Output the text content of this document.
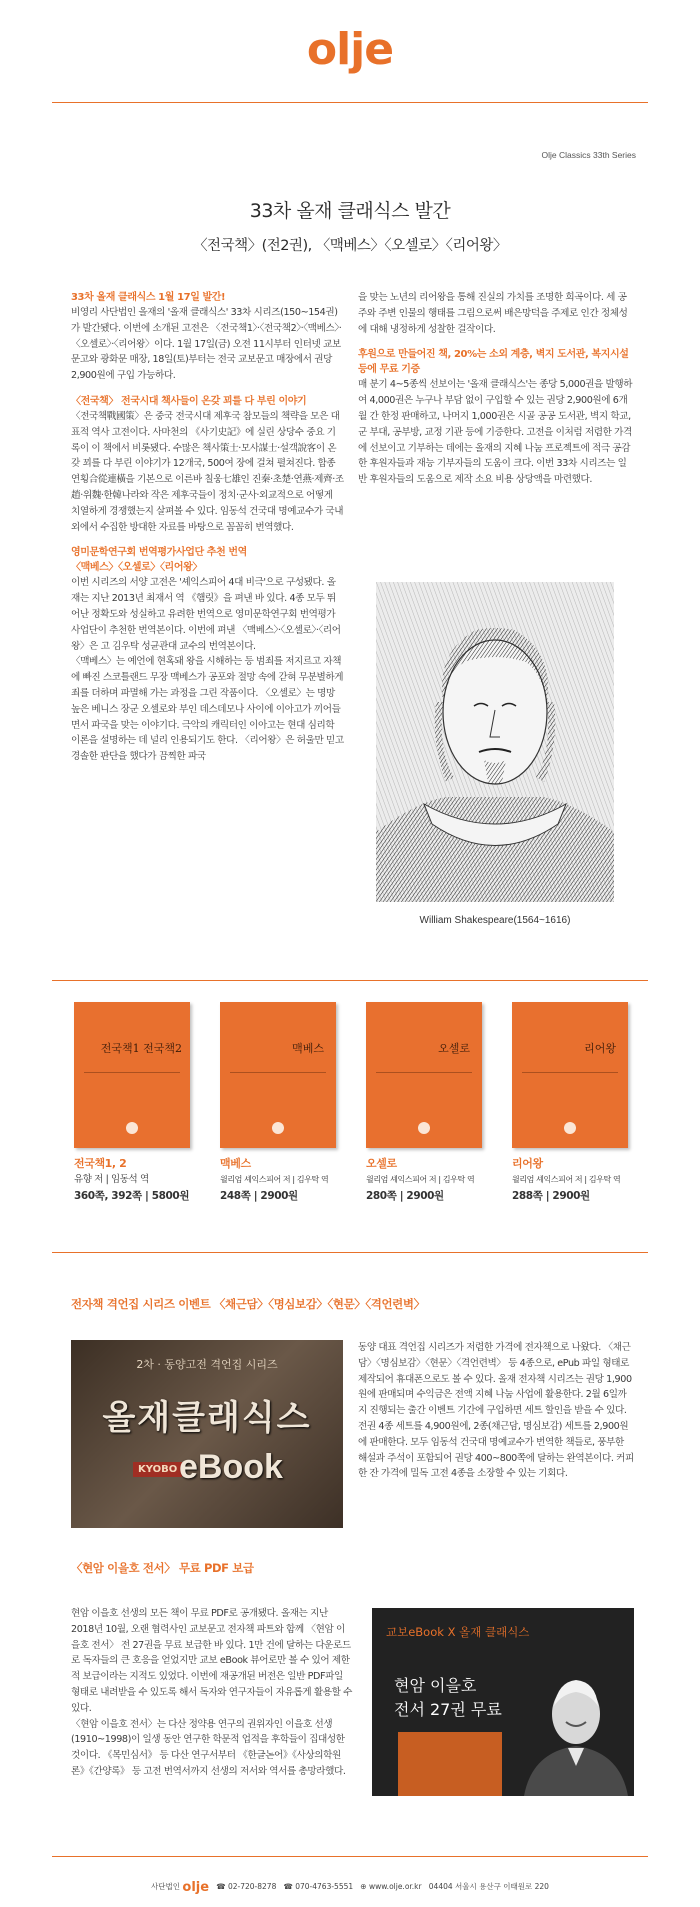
olje
Olje Classics 33th Series
33차 올재 클래식스 발간
〈전국책〉(전2권), 〈맥베스〉〈오셀로〉〈리어왕〉
33차 올재 클래식스 1월 17일 발간!
비영리 사단법인 올재의 '올재 클래식스' 33차 시리즈(150~154권)가 발간됐다. 이번에 소개된 고전은 〈전국책1〉·〈전국책2〉·〈맥베스〉·〈오셀로〉·〈리어왕〉이다. 1월 17일(금) 오전 11시부터 인터넷 교보문고와 광화문 매장, 18일(토)부터는 전국 교보문고 매장에서 권당 2,900원에 구입 가능하다.
〈전국책〉 전국시대 책사들이 온갖 꾀를 다 부린 이야기
〈전국책戰國策〉은 중국 전국시대 제후국 참모들의 책략을 모은 대표적 역사 고전이다. 사마천의 《사기史記》에 실린 상당수 중요 기록이 이 책에서 비롯됐다. 수많은 책사策士·모사謀士·설객說客이 온갖 꾀를 다 부린 이야기가 12개국, 500여 장에 걸쳐 펼쳐진다. 합종연횡合從連橫을 기본으로 이른바 칠웅七雄인 진秦·초楚·연燕·제齊·조趙·위魏·한韓나라와 작은 제후국들이 정치·군사·외교적으로 어떻게 치열하게 경쟁했는지 살펴볼 수 있다. 임동석 건국대 명예교수가 국내외에서 수집한 방대한 자료를 바탕으로 꼼꼼히 번역했다.
영미문학연구회 번역평가사업단 추천 번역
〈맥베스〉〈오셀로〉〈리어왕〉
이번 시리즈의 서양 고전은 '셰익스피어 4대 비극'으로 구성됐다. 올재는 지난 2013년 최재서 역 《햄릿》을 펴낸 바 있다. 4종 모두 뛰어난 정확도와 성실하고 유려한 번역으로 영미문학연구회 번역평가사업단이 추천한 번역본이다. 이번에 펴낸 〈맥베스〉·〈오셀로〉·〈리어왕〉은 고 김우탁 성균관대 교수의 번역본이다.
〈맥베스〉는 예언에 현혹돼 왕을 시해하는 등 범죄를 저지르고 자책에 빠진 스코틀랜드 무장 맥베스가 공포와 절망 속에 갇혀 무분별하게 죄를 더하며 파멸해 가는 과정을 그린 작품이다. 〈오셀로〉는 명망 높은 베니스 장군 오셀로와 부인 데스데모나 사이에 이아고가 끼어들면서 파국을 맞는 이야기다. 극악의 캐릭터인 이아고는 현대 심리학 이론을 설명하는 데 널리 인용되기도 한다. 〈리어왕〉은 허울만 믿고 경솔한 판단을 했다가 끔찍한 파국
을 맞는 노년의 리어왕을 통해 진실의 가치를 조명한 희곡이다. 세 공주와 주변 인물의 행태를 그림으로써 배은망덕을 주제로 인간 정체성에 대해 냉정하게 성찰한 걸작이다.
후원으로 만들어진 책, 20%는 소외 계층, 벽지 도서관, 복지시설 등에 무료 기증
매 분기 4~5종씩 선보이는 '올재 클래식스'는 종당 5,000권을 발행하여 4,000권은 누구나 부담 없이 구입할 수 있는 권당 2,900원에 6개월 간 한정 판매하고, 나머지 1,000권은 시골 공공 도서관, 벽지 학교, 군 부대, 공부방, 교정 기관 등에 기증한다. 고전을 이처럼 저렴한 가격에 선보이고 기부하는 데에는 올재의 지혜 나눔 프로젝트에 적극 공감한 후원자들과 재능 기부자들의 도움이 크다. 이번 33차 시리즈는 일반 후원자들의 도움으로 제작 소요 비용 상당액을 마련했다.
William Shakespeare(1564~1616)
전국책1 전국책2	맥베스	오셀로	리어왕
전국책1, 2
유향 저 | 임동석 역
360쪽, 392쪽 | 5800원
맥베스
윌리엄 셰익스피어 저 | 김우탁 역
248쪽 | 2900원
오셀로
윌리엄 셰익스피어 저 | 김우탁 역
280쪽 | 2900원
리어왕
윌리엄 셰익스피어 저 | 김우탁 역
288쪽 | 2900원
전자책 격언집 시리즈 이벤트 〈채근담〉〈명심보감〉〈현문〉〈격언련벽〉
2차 · 동양고전 격언집 시리즈
올재클래식스
KYOBO eBook
동양 대표 격언집 시리즈가 저렴한 가격에 전자책으로 나왔다. 〈채근담〉〈명심보감〉〈현문〉〈격언련벽〉 등 4종으로, ePub 파일 형태로 제작되어 휴대폰으로도 볼 수 있다. 올재 전자책 시리즈는 권당 1,900원에 판매되며 수익금은 전액 지혜 나눔 사업에 활용한다. 2월 6일까지 진행되는 출간 이벤트 기간에 구입하면 세트 할인을 받을 수 있다. 전권 4종 세트를 4,900원에, 2종(채근담, 명심보감) 세트를 2,900원에 판매한다. 모두 임동석 건국대 명예교수가 번역한 책들로, 풍부한 해설과 주석이 포함되어 권당 400~800쪽에 달하는 완역본이다. 커피 한 잔 가격에 밀독 고전 4종을 소장할 수 있는 기회다.
〈현암 이을호 전서〉 무료 PDF 보급
현암 이을호 선생의 모든 책이 무료 PDF로 공개됐다. 올재는 지난 2018년 10월, 오랜 협력사인 교보문고 전자책 파트와 함께 〈현암 이을호 전서〉 전 27권을 무료 보급한 바 있다. 1만 건에 달하는 다운로드로 독자들의 큰 호응을 얻었지만 교보 eBook 뷰어로만 볼 수 있어 제한적 보급이라는 지적도 있었다. 이번에 재공개된 버전은 일반 PDF파일 형태로 내려받을 수 있도록 해서 독자와 연구자들이 자유롭게 활용할 수 있다.
〈현암 이을호 전서〉는 다산 정약용 연구의 권위자인 이을호 선생(1910~1998)이 일생 동안 연구한 학문적 업적을 후학들이 집대성한 것이다. 《목민심서》 등 다산 연구서부터 《한글논어》《사상의학원론》《간양록》 등 고전 번역서까지 선생의 저서와 역서를 총망라했다.
교보eBook X 올재 클래식스
현암 이을호
전서 27권 무료
사단법인 olje ☎ 02-720-8278 ☎ 070-4763-5551 ⊕ www.olje.or.kr 04404 서울시 용산구 이태원로 220
